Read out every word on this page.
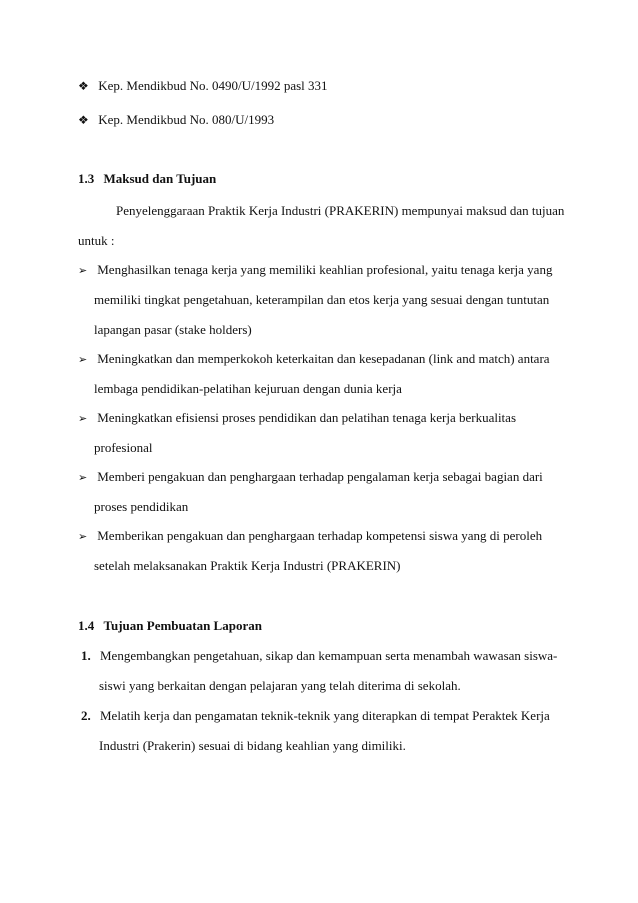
❖ Kep. Mendikbud No. 0490/U/1992 pasl 331
❖ Kep. Mendikbud No. 080/U/1993
1.3 Maksud dan Tujuan
Penyelenggaraan Praktik Kerja Industri (PRAKERIN) mempunyai maksud dan tujuan
untuk :
➢ Menghasilkan tenaga kerja yang memiliki keahlian profesional, yaitu tenaga kerja yang
memiliki tingkat pengetahuan, keterampilan dan etos kerja yang sesuai dengan tuntutan
lapangan pasar (stake holders)
➢ Meningkatkan dan memperkokoh keterkaitan dan kesepadanan (link and match) antara
lembaga pendidikan-pelatihan kejuruan dengan dunia kerja
➢ Meningkatkan efisiensi proses pendidikan dan pelatihan tenaga kerja berkualitas
profesional
➢ Memberi pengakuan dan penghargaan terhadap pengalaman kerja sebagai bagian dari
proses pendidikan
➢ Memberikan pengakuan dan penghargaan terhadap kompetensi siswa yang di peroleh
setelah melaksanakan Praktik Kerja Industri (PRAKERIN)
1.4 Tujuan Pembuatan Laporan
1. Mengembangkan pengetahuan, sikap dan kemampuan serta menambah wawasan siswa-
siswi yang berkaitan dengan pelajaran yang telah diterima di sekolah.
2. Melatih kerja dan pengamatan teknik-teknik yang diterapkan di tempat Peraktek Kerja
Industri (Prakerin) sesuai di bidang keahlian yang dimiliki.
